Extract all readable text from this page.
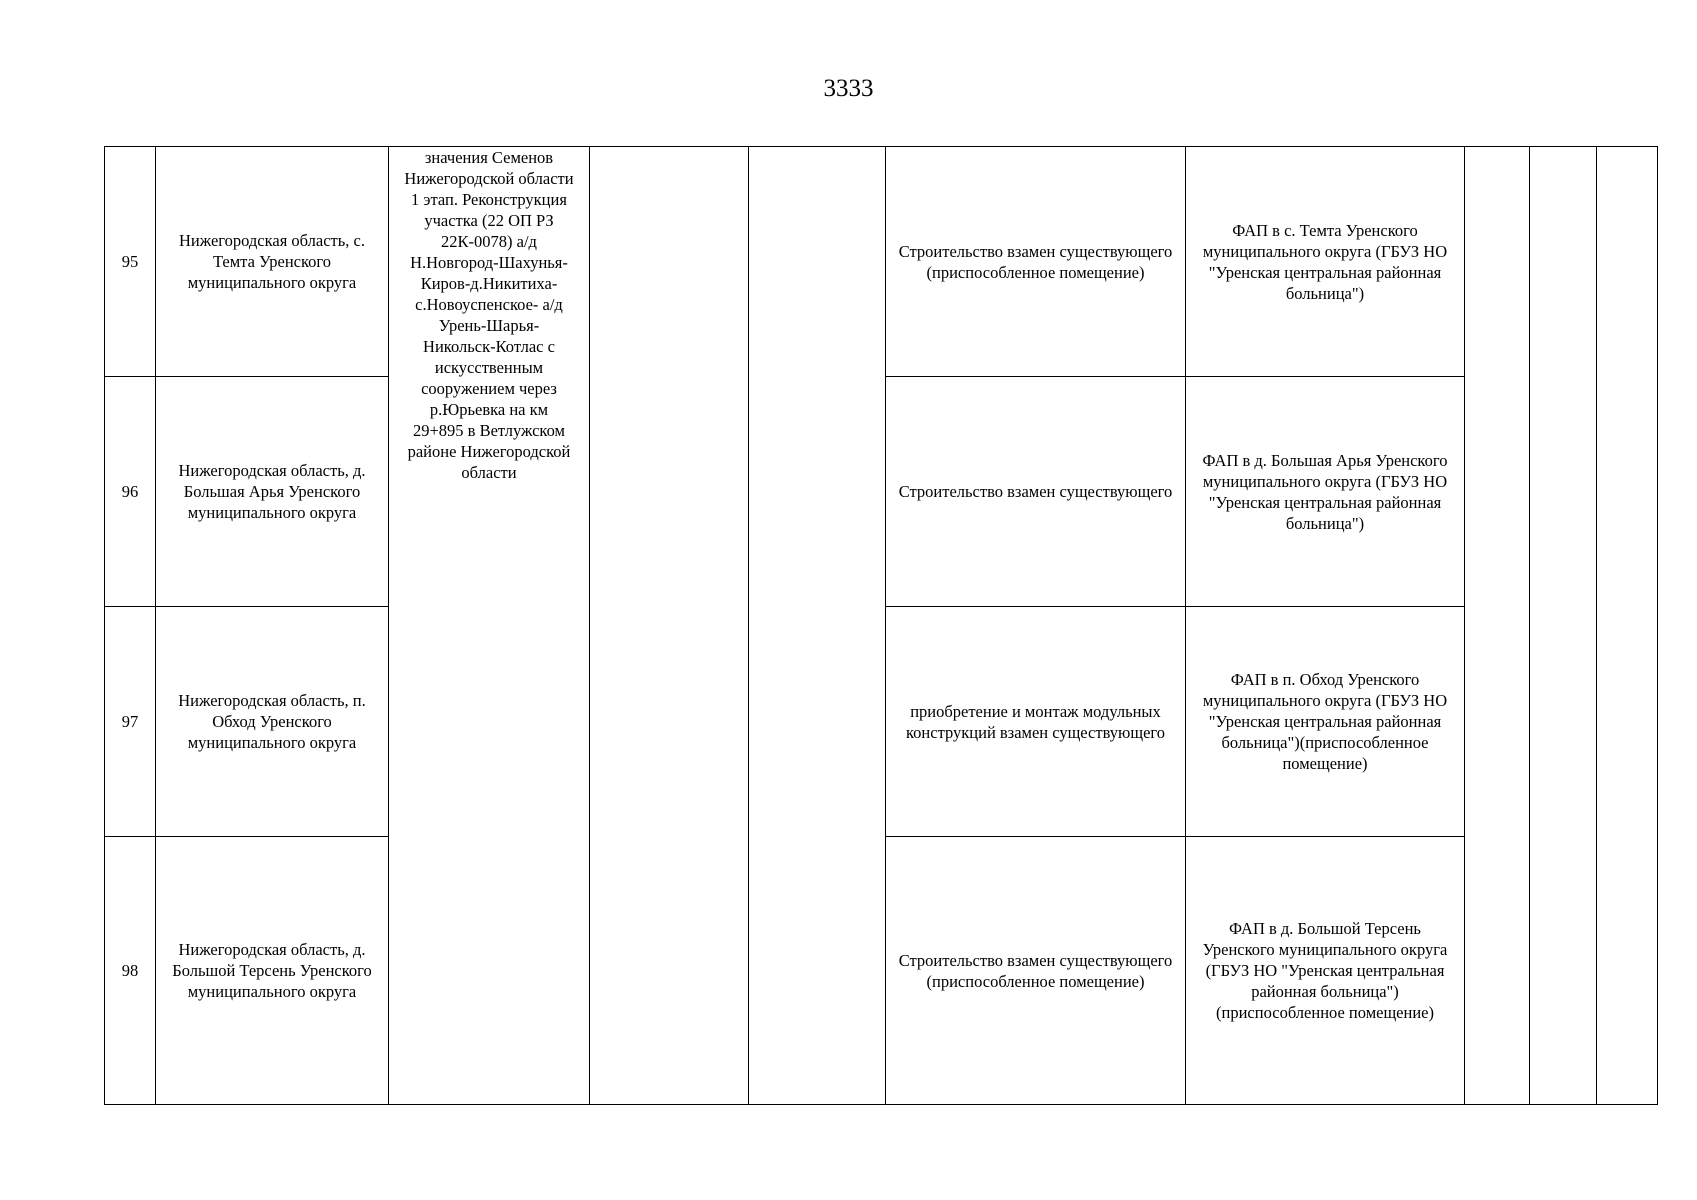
3333
95	Нижегородская область, с. Темта Уренского муниципального округа	значения Семенов Нижегородской области 1 этап. Реконструкция участка (22 ОП РЗ 22К-0078) а/д Н.Новгород-Шахунья-Киров-д.Никитиха-с.Новоуспенское- а/д Урень-Шарья-Никольск-Котлас с искусственным сооружением через р.Юрьевка на км 29+895 в Ветлужском районе Нижегородской области			Строительство взамен существующего (приспособленное помещение)	ФАП в с. Темта Уренского муниципального округа (ГБУЗ НО "Уренская центральная районная больница")			
96	Нижегородская область, д. Большая Арья Уренского муниципального округа				Строительство взамен существующего	ФАП в д. Большая Арья Уренского муниципального округа (ГБУЗ НО "Уренская центральная районная больница")			
97	Нижегородская область, п. Обход Уренского муниципального округа				приобретение и монтаж модульных конструкций взамен существующего	ФАП в п. Обход Уренского муниципального округа (ГБУЗ НО "Уренская центральная районная больница")(приспособленное помещение)			
98	Нижегородская область, д. Большой Терсень Уренского муниципального округа				Строительство взамен существующего (приспособленное помещение)	ФАП в д. Большой Терсень Уренского муниципального округа (ГБУЗ НО "Уренская центральная районная больница") (приспособленное помещение)			
